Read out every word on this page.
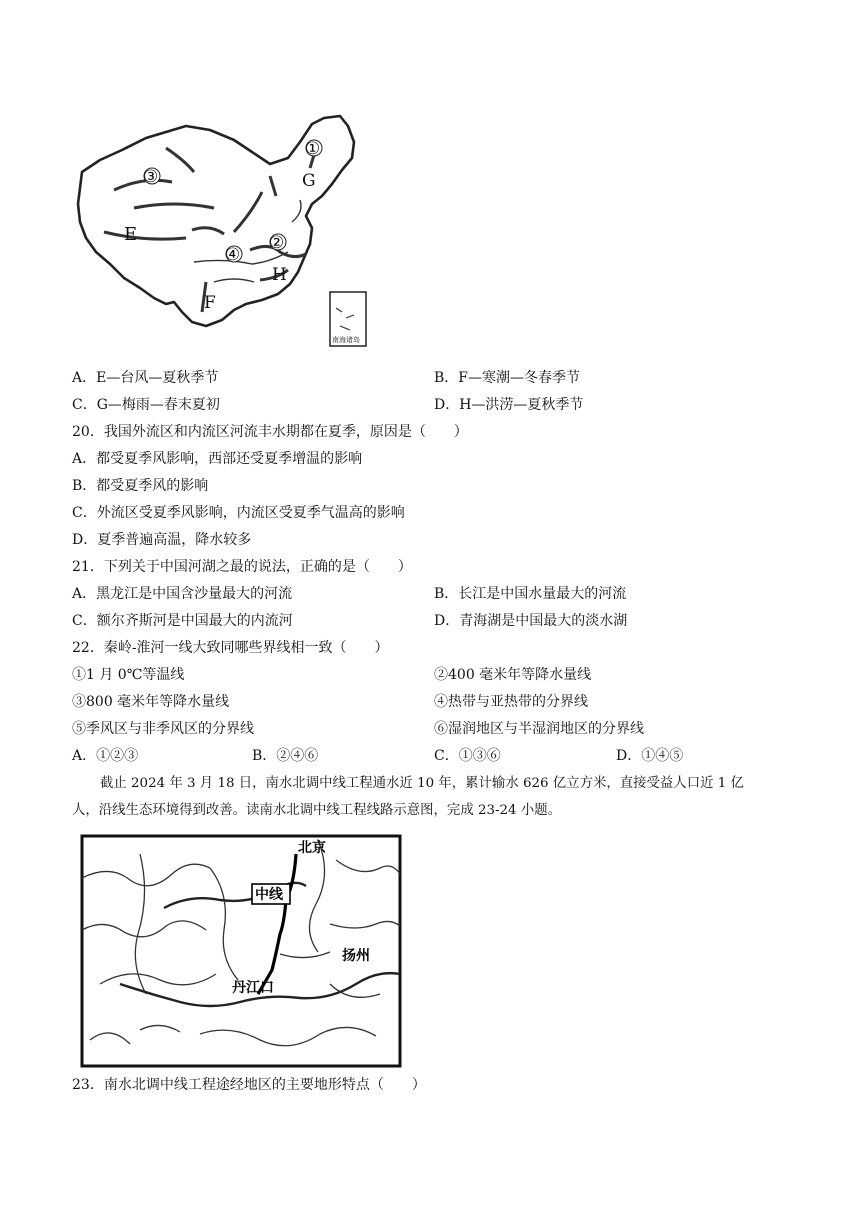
南海诸岛
①
G
③
E
④
②
H
F
A．E—台风—夏秋季节	B．F—寒潮—冬春季节
C．G—梅雨—春末夏初	D．H—洪涝—夏秋季节
20．我国外流区和内流区河流丰水期都在夏季，原因是（　　）
A．都受夏季风影响，西部还受夏季增温的影响
B．都受夏季风的影响
C．外流区受夏季风影响，内流区受夏季气温高的影响
D．夏季普遍高温，降水较多
21．下列关于中国河湖之最的说法，正确的是（　　）
A．黑龙江是中国含沙量最大的河流	B．长江是中国水量最大的河流
C．额尔齐斯河是中国最大的内流河	D．青海湖是中国最大的淡水湖
22．秦岭-淮河一线大致同哪些界线相一致（　　）
①1 月 0℃等温线	②400 毫米年等降水量线
③800 毫米年等降水量线	④热带与亚热带的分界线
⑤季风区与非季风区的分界线	⑥湿润地区与半湿润地区的分界线
A．①②③	B．②④⑥	C．①③⑥	D．①④⑤
截止 2024 年 3 月 18 日，南水北调中线工程通水近 10 年，累计输水 626 亿立方米，直接受益人口近 1 亿
人，沿线生态环境得到改善。读南水北调中线工程线路示意图，完成 23-24 小题。
中线
北京
扬州
丹江口
23．南水北调中线工程途经地区的主要地形特点（　　）
